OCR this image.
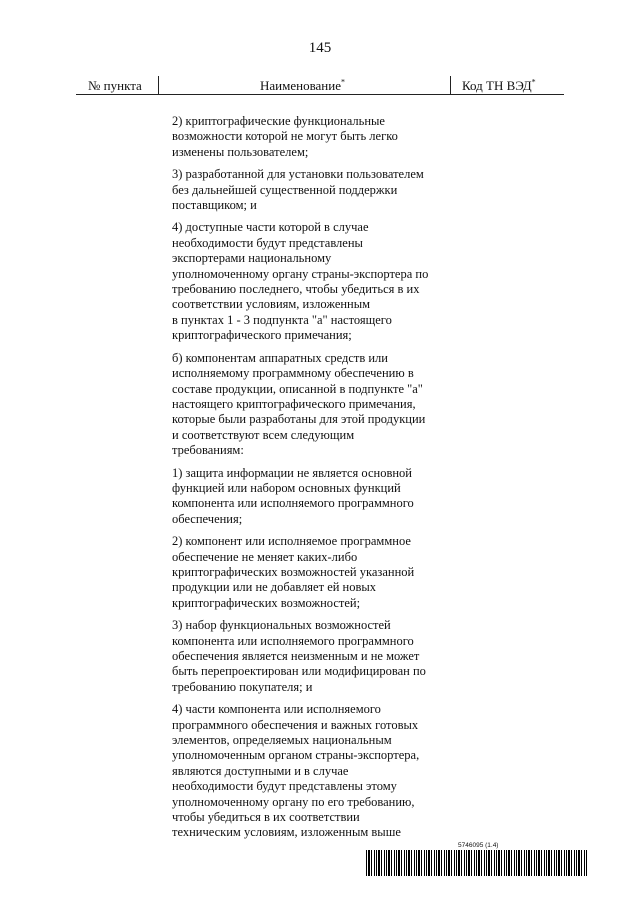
145
№ пункта	Наименование*	Код ТН ВЭД*

2) криптографические функциональные
возможности которой не могут быть легко
изменены пользователем;

3) разработанной для установки пользователем
без дальнейшей существенной поддержки
поставщиком; и

4) доступные части которой в случае
необходимости будут представлены
экспортерами национальному
уполномоченному органу страны-экспортера по
требованию последнего, чтобы убедиться в их
соответствии условиям, изложенным
в пунктах 1 - 3 подпункта "а" настоящего
криптографического примечания;

б) компонентам аппаратных средств или
исполняемому программному обеспечению в
составе продукции, описанной в подпункте "а"
настоящего криптографического примечания,
которые были разработаны для этой продукции
и соответствуют всем следующим
требованиям:

1) защита информации не является основной
функцией или набором основных функций
компонента или исполняемого программного
обеспечения;

2) компонент или исполняемое программное
обеспечение не меняет каких-либо
криптографических возможностей указанной
продукции или не добавляет ей новых
криптографических возможностей;

3) набор функциональных возможностей
компонента или исполняемого программного
обеспечения является неизменным и не может
быть перепроектирован или модифицирован по
требованию покупателя; и

4) части компонента или исполняемого
программного обеспечения и важных готовых
элементов, определяемых национальным
уполномоченным органом страны-экспортера,
являются доступными и в случае
необходимости будут представлены этому
уполномоченному органу по его требованию,
чтобы убедиться в их соответствии
техническим условиям, изложенным выше

5746095 (1.4)
